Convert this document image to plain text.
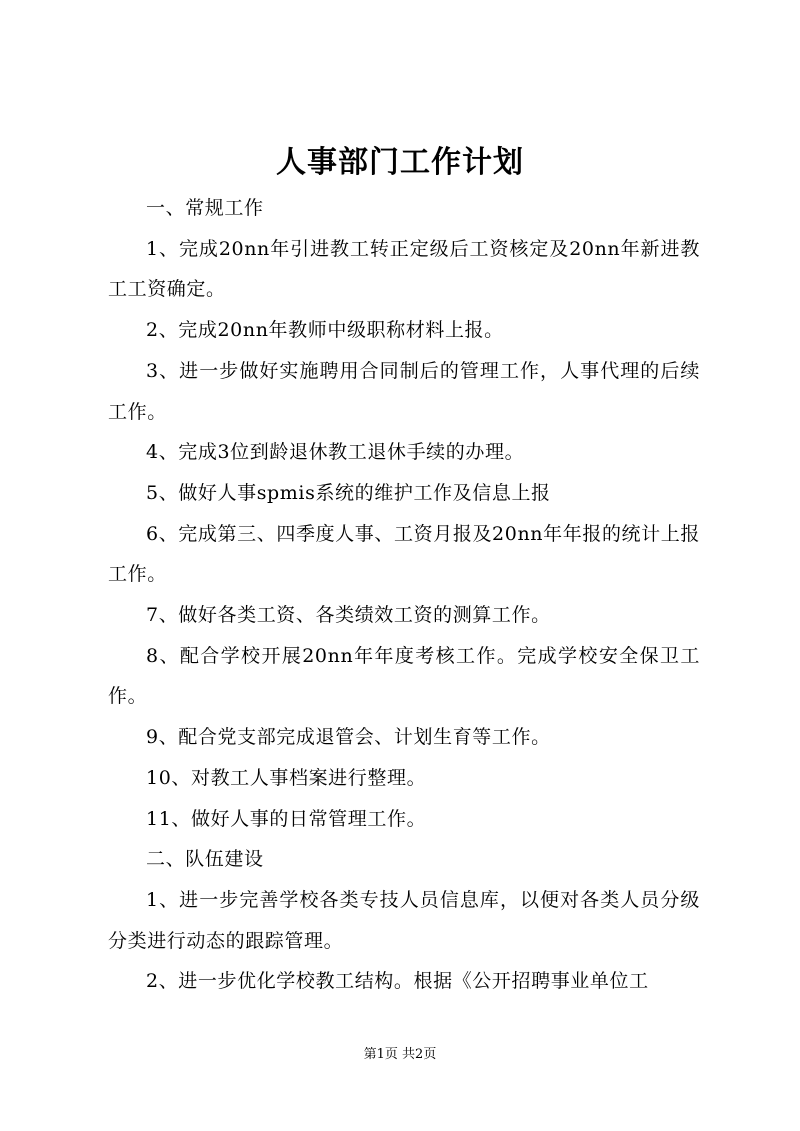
人事部门工作计划

一、常规工作

1、完成20nn年引进教工转正定级后工资核定及20nn年新进教工工资确定。

2、完成20nn年教师中级职称材料上报。

3、进一步做好实施聘用合同制后的管理工作，人事代理的后续工作。

4、完成3位到龄退休教工退休手续的办理。

5、做好人事spmis系统的维护工作及信息上报

6、完成第三、四季度人事、工资月报及20nn年年报的统计上报工作。

7、做好各类工资、各类绩效工资的测算工作。

8、配合学校开展20nn年年度考核工作。完成学校安全保卫工作。

9、配合党支部完成退管会、计划生育等工作。

10、对教工人事档案进行整理。

11、做好人事的日常管理工作。

二、队伍建设

1、进一步完善学校各类专技人员信息库，以便对各类人员分级分类进行动态的跟踪管理。

2、进一步优化学校教工结构。根据《公开招聘事业单位工

第1页 共2页
